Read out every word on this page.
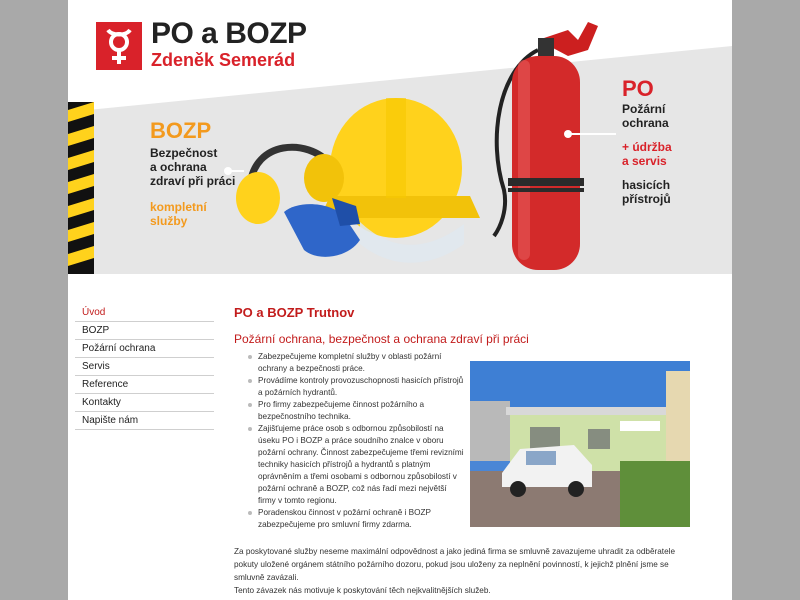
PO a BOZP
Zdeněk Semerád
BOZP
Bezpečnost
a ochrana
zdraví při práci
kompletní
služby
PO
Požární
ochrana
+ údržba
a servis
hasicích
přístrojů
Úvod
BOZP
Požární ochrana
Servis
Reference
Kontakty
Napište nám
PO a BOZP Trutnov
Požární ochrana, bezpečnost a ochrana zdraví při práci
Zabezpečujeme kompletní služby v oblasti požární ochrany a bezpečnosti práce.
Provádíme kontroly provozuschopnosti hasicích přístrojů a požárních hydrantů.
Pro firmy zabezpečujeme činnost požárního a bezpečnostního technika.
Zajišťujeme práce osob s odbornou způsobilostí na úseku PO i BOZP a práce soudního znalce v oboru požární ochrany. Činnost zabezpečujeme třemi revizními techniky hasicích přístrojů a hydrantů s platným oprávněním a třemi osobami s odbornou způsobilostí v požární ochraně a BOZP, což nás řadí mezi největší firmy v tomto regionu.
Poradenskou činnost v požární ochraně i BOZP zabezpečujeme pro smluvní firmy zdarma.
Za poskytované služby neseme maximální odpovědnost a jako jediná firma se smluvně zavazujeme uhradit za odběratele pokuty uložené orgánem státního požárního dozoru, pokud jsou uloženy za neplnění povinností, k jejichž plnění jsme se smluvně zavázali.
Tento závazek nás motivuje k poskytování těch nejkvalitnějších služeb.
